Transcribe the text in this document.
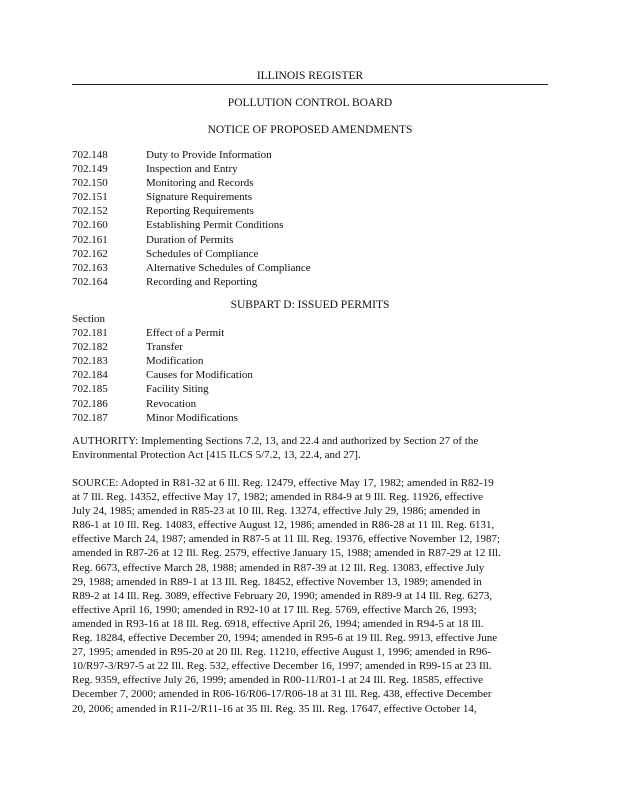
ILLINOIS REGISTER
POLLUTION CONTROL BOARD
NOTICE OF PROPOSED AMENDMENTS
702.148	Duty to Provide Information
702.149	Inspection and Entry
702.150	Monitoring and Records
702.151	Signature Requirements
702.152	Reporting Requirements
702.160	Establishing Permit Conditions
702.161	Duration of Permits
702.162	Schedules of Compliance
702.163	Alternative Schedules of Compliance
702.164	Recording and Reporting
SUBPART D: ISSUED PERMITS
Section
702.181	Effect of a Permit
702.182	Transfer
702.183	Modification
702.184	Causes for Modification
702.185	Facility Siting
702.186	Revocation
702.187	Minor Modifications
AUTHORITY: Implementing Sections 7.2, 13, and 22.4 and authorized by Section 27 of the
Environmental Protection Act [415 ILCS 5/7.2, 13, 22.4, and 27].
SOURCE: Adopted in R81-32 at 6 Ill. Reg. 12479, effective May 17, 1982; amended in R82-19
at 7 Ill. Reg. 14352, effective May 17, 1982; amended in R84-9 at 9 Ill. Reg. 11926, effective
July 24, 1985; amended in R85-23 at 10 Ill. Reg. 13274, effective July 29, 1986; amended in
R86-1 at 10 Ill. Reg. 14083, effective August 12, 1986; amended in R86-28 at 11 Ill. Reg. 6131,
effective March 24, 1987; amended in R87-5 at 11 Ill. Reg. 19376, effective November 12, 1987;
amended in R87-26 at 12 Ill. Reg. 2579, effective January 15, 1988; amended in R87-29 at 12 Ill.
Reg. 6673, effective March 28, 1988; amended in R87-39 at 12 Ill. Reg. 13083, effective July
29, 1988; amended in R89-1 at 13 Ill. Reg. 18452, effective November 13, 1989; amended in
R89-2 at 14 Ill. Reg. 3089, effective February 20, 1990; amended in R89-9 at 14 Ill. Reg. 6273,
effective April 16, 1990; amended in R92-10 at 17 Ill. Reg. 5769, effective March 26, 1993;
amended in R93-16 at 18 Ill. Reg. 6918, effective April 26, 1994; amended in R94-5 at 18 Ill.
Reg. 18284, effective December 20, 1994; amended in R95-6 at 19 Ill. Reg. 9913, effective June
27, 1995; amended in R95-20 at 20 Ill. Reg. 11210, effective August 1, 1996; amended in R96-
10/R97-3/R97-5 at 22 Ill. Reg. 532, effective December 16, 1997; amended in R99-15 at 23 Ill.
Reg. 9359, effective July 26, 1999; amended in R00-11/R01-1 at 24 Ill. Reg. 18585, effective
December 7, 2000; amended in R06-16/R06-17/R06-18 at 31 Ill. Reg. 438, effective December
20, 2006; amended in R11-2/R11-16 at 35 Ill. Reg. 35 Ill. Reg. 17647, effective October 14,
